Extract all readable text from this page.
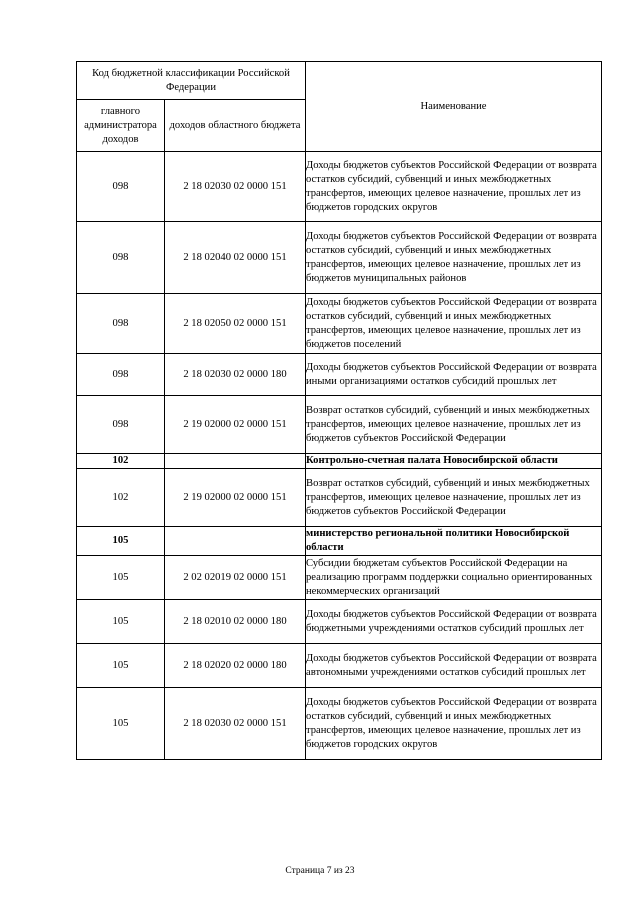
Код бюджетной классификации Российской Федерации		Наименование
главного администратора доходов	доходов областного бюджета	
098	2 18 02030 02 0000 151	Доходы бюджетов субъектов Российской Федерации от возврата остатков субсидий, субвенций и иных межбюджетных трансфертов, имеющих целевое назначение, прошлых лет из бюджетов городских округов
098	2 18 02040 02 0000 151	Доходы бюджетов субъектов Российской Федерации от возврата остатков субсидий, субвенций и иных межбюджетных трансфертов, имеющих целевое назначение, прошлых лет из бюджетов муниципальных районов
098	2 18 02050 02 0000 151	Доходы бюджетов субъектов Российской Федерации от возврата остатков субсидий, субвенций и иных межбюджетных трансфертов, имеющих целевое назначение, прошлых лет из бюджетов поселений
098	2 18 02030 02 0000 180	Доходы бюджетов субъектов Российской Федерации от возврата иными организациями остатков субсидий прошлых лет
098	2 19 02000 02 0000 151	Возврат остатков субсидий, субвенций и иных межбюджетных трансфертов, имеющих целевое назначение, прошлых лет из бюджетов субъектов Российской Федерации
102		Контрольно-счетная палата Новосибирской области
102	2 19 02000 02 0000 151	Возврат остатков субсидий, субвенций и иных межбюджетных трансфертов, имеющих целевое назначение, прошлых лет из бюджетов субъектов Российской Федерации
105		министерство региональной политики Новосибирской области
105	2 02 02019 02 0000 151	Субсидии бюджетам субъектов Российской Федерации на реализацию программ поддержки социально ориентированных некоммерческих организаций
105	2 18 02010 02 0000 180	Доходы бюджетов субъектов Российской Федерации от возврата бюджетными учреждениями остатков субсидий прошлых лет
105	2 18 02020 02 0000 180	Доходы бюджетов субъектов Российской Федерации от возврата автономными учреждениями остатков субсидий прошлых лет
105	2 18 02030 02 0000 151	Доходы бюджетов субъектов Российской Федерации от возврата остатков субсидий, субвенций и иных межбюджетных трансфертов, имеющих целевое назначение, прошлых лет из бюджетов городских округов
Страница 7 из 23
